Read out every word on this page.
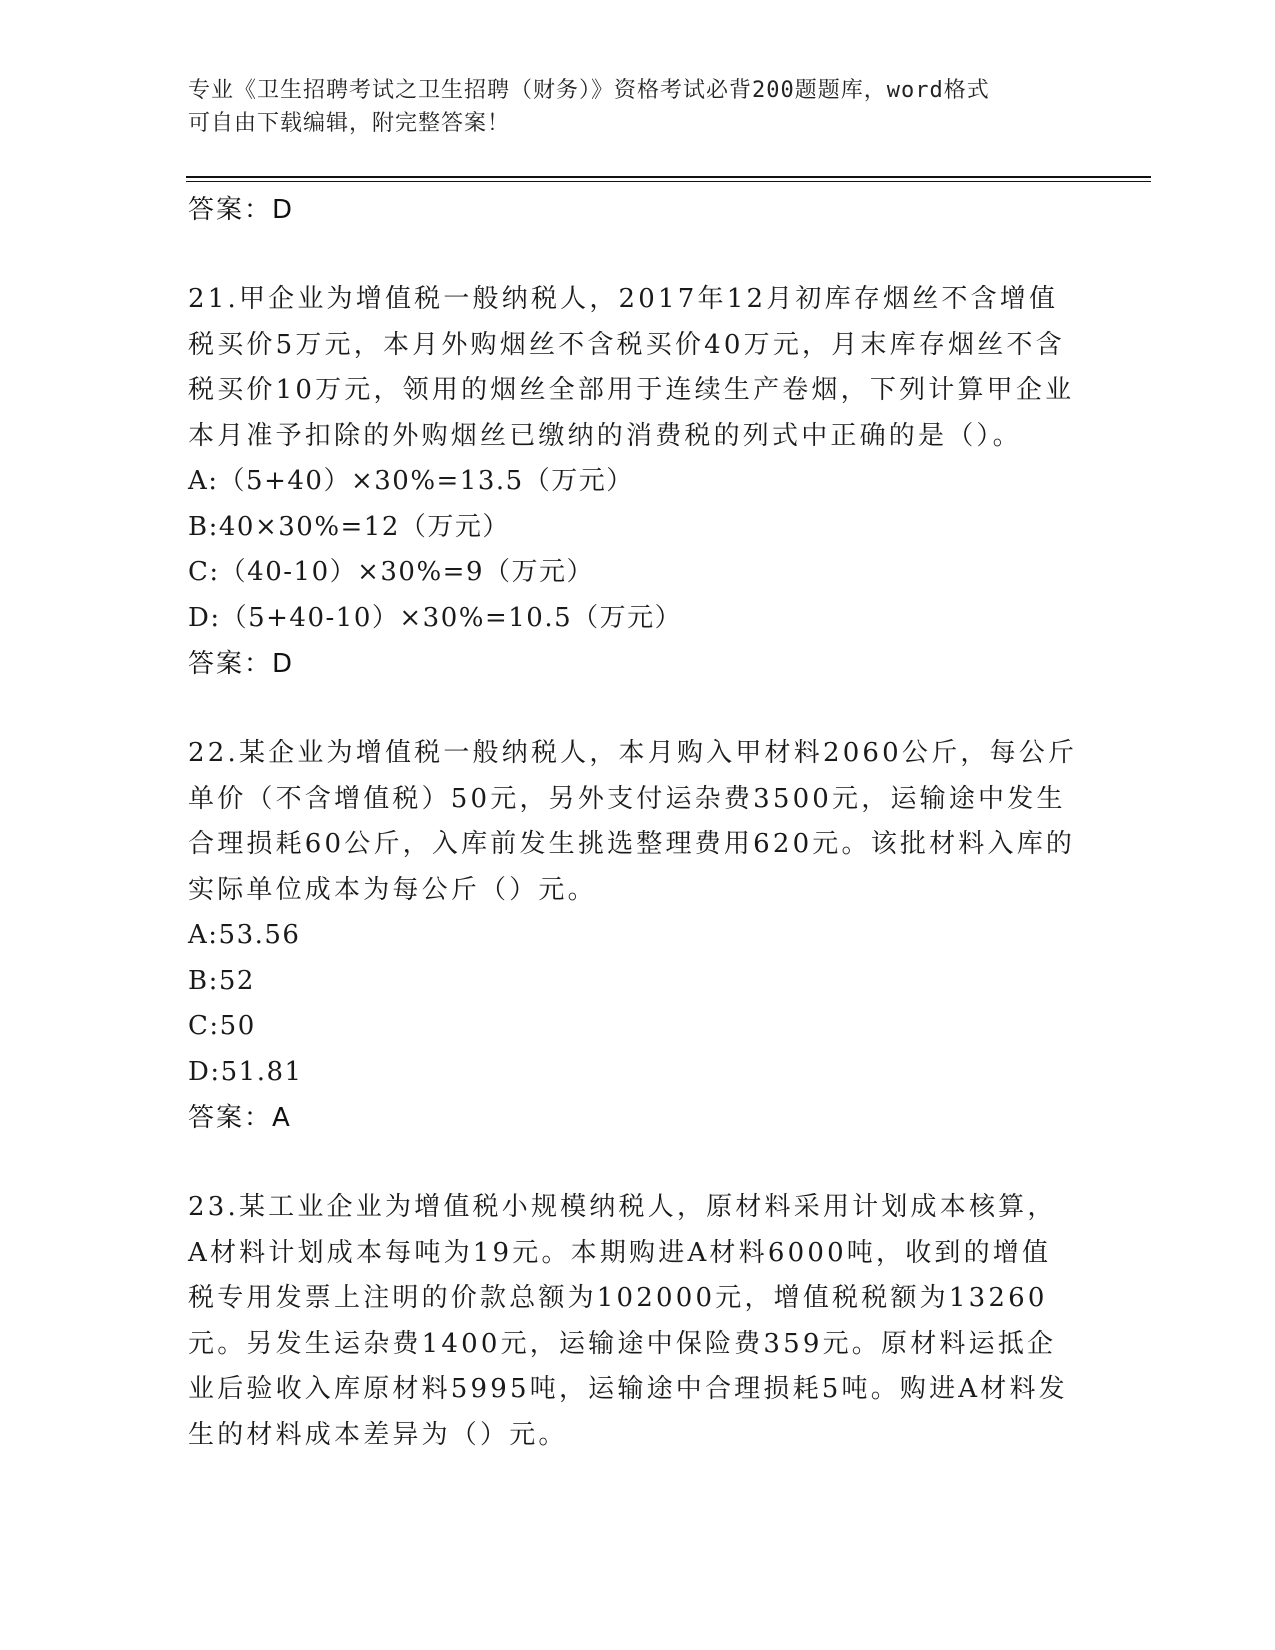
专业《卫生招聘考试之卫生招聘（财务）》资格考试必背200题题库，word格式
可自由下载编辑，附完整答案！
答案：D
21.甲企业为增值税一般纳税人，2017年12月初库存烟丝不含增值税买价5万元，本月外购烟丝不含税买价40万元，月末库存烟丝不含税买价10万元，领用的烟丝全部用于连续生产卷烟，下列计算甲企业本月准予扣除的外购烟丝已缴纳的消费税的列式中正确的是（）。
A:（5+40）×30%=13.5（万元）
B:40×30%=12（万元）
C:（40-10）×30%=9（万元）
D:（5+40-10）×30%=10.5（万元）
答案：D
22.某企业为增值税一般纳税人，本月购入甲材料2060公斤，每公斤单价（不含增值税）50元，另外支付运杂费3500元，运输途中发生合理损耗60公斤，入库前发生挑选整理费用620元。该批材料入库的实际单位成本为每公斤（）元。
A:53.56
B:52
C:50
D:51.81
答案：A
23.某工业企业为增值税小规模纳税人，原材料采用计划成本核算，A材料计划成本每吨为19元。本期购进A材料6000吨，收到的增值税专用发票上注明的价款总额为102000元，增值税税额为13260元。另发生运杂费1400元，运输途中保险费359元。原材料运抵企业后验收入库原材料5995吨，运输途中合理损耗5吨。购进A材料发生的材料成本差异为（）元。
